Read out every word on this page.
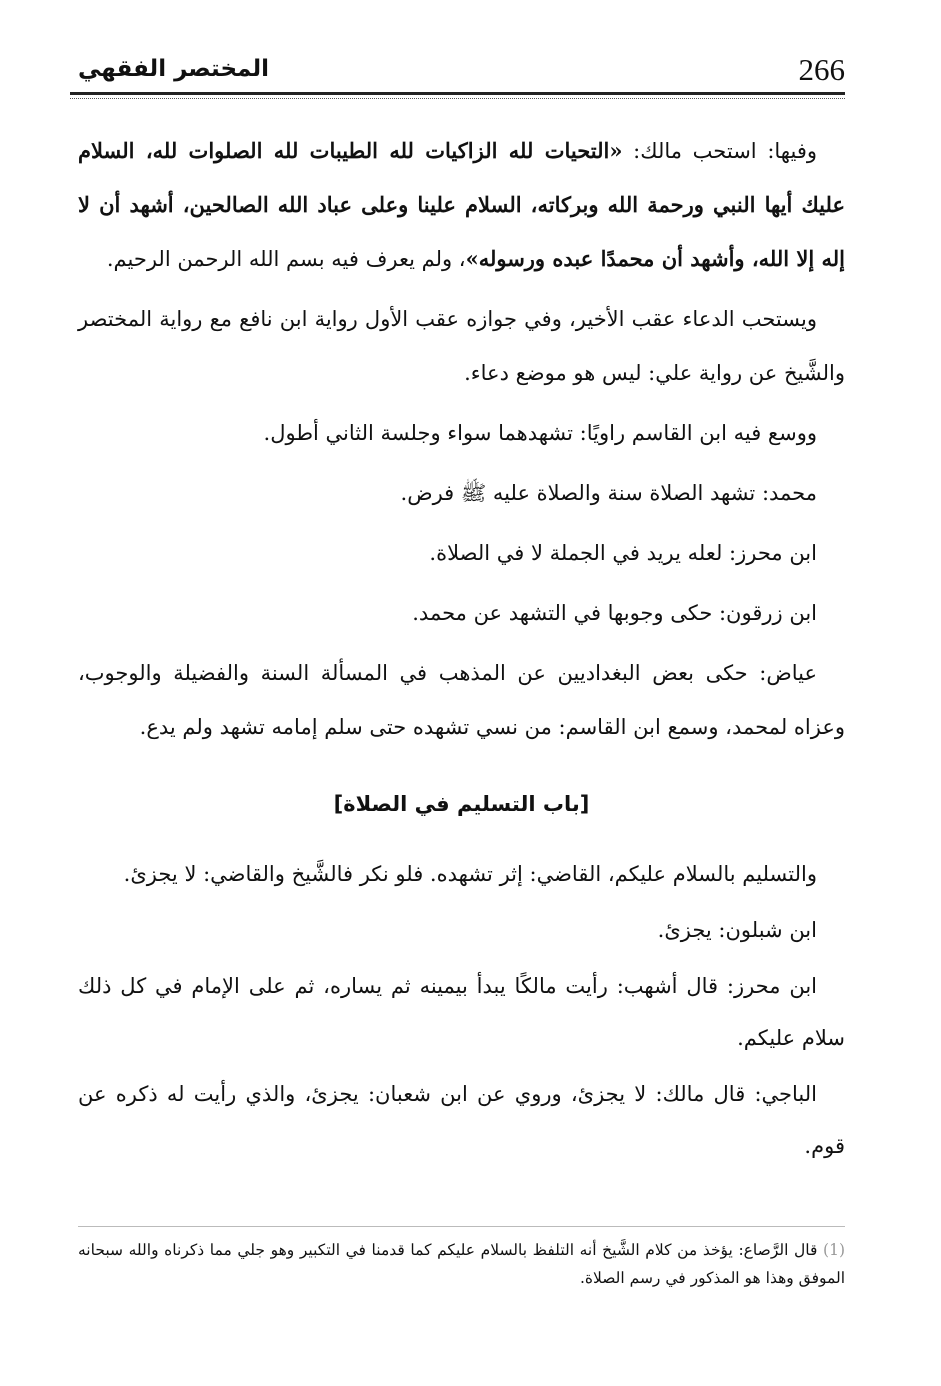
266
المختصر الفقهي

وفيها: استحب مالك: «التحيات لله الزاكيات لله الطيبات لله الصلوات لله، السلام عليك أيها النبي ورحمة الله وبركاته، السلام علينا وعلى عباد الله الصالحين، أشهد أن لا إله إلا الله، وأشهد أن محمدًا عبده ورسوله»، ولم يعرف فيه بسم الله الرحمن الرحيم.

ويستحب الدعاء عقب الأخير، وفي جوازه عقب الأول رواية ابن نافع مع رواية المختصر والشَّيخ عن رواية علي: ليس هو موضع دعاء.

ووسع فيه ابن القاسم راويًا: تشهدهما سواء وجلسة الثاني أطول.

محمد: تشهد الصلاة سنة والصلاة عليه ﷺ فرض.

ابن محرز: لعله يريد في الجملة لا في الصلاة.

ابن زرقون: حكى وجوبها في التشهد عن محمد.

عياض: حكى بعض البغداديين عن المذهب في المسألة السنة والفضيلة والوجوب، وعزاه لمحمد، وسمع ابن القاسم: من نسي تشهده حتى سلم إمامه تشهد ولم يدع.

[باب التسليم في الصلاة]

والتسليم بالسلام عليكم، القاضي: إثر تشهده. فلو نكر فالشَّيخ والقاضي: لا يجزئ.

ابن شبلون: يجزئ.

ابن محرز: قال أشهب: رأيت مالكًا يبدأ بيمينه ثم يساره، ثم على الإمام في كل ذلك سلام عليكم.

الباجي: قال مالك: لا يجزئ، وروي عن ابن شعبان: يجزئ، والذي رأيت له ذكره عن قوم.

(1) قال الرَّصاع: يؤخذ من كلام الشَّيخ أنه التلفظ بالسلام عليكم كما قدمنا في التكبير وهو جلي مما ذكرناه والله سبحانه الموفق وهذا هو المذكور في رسم الصلاة.
